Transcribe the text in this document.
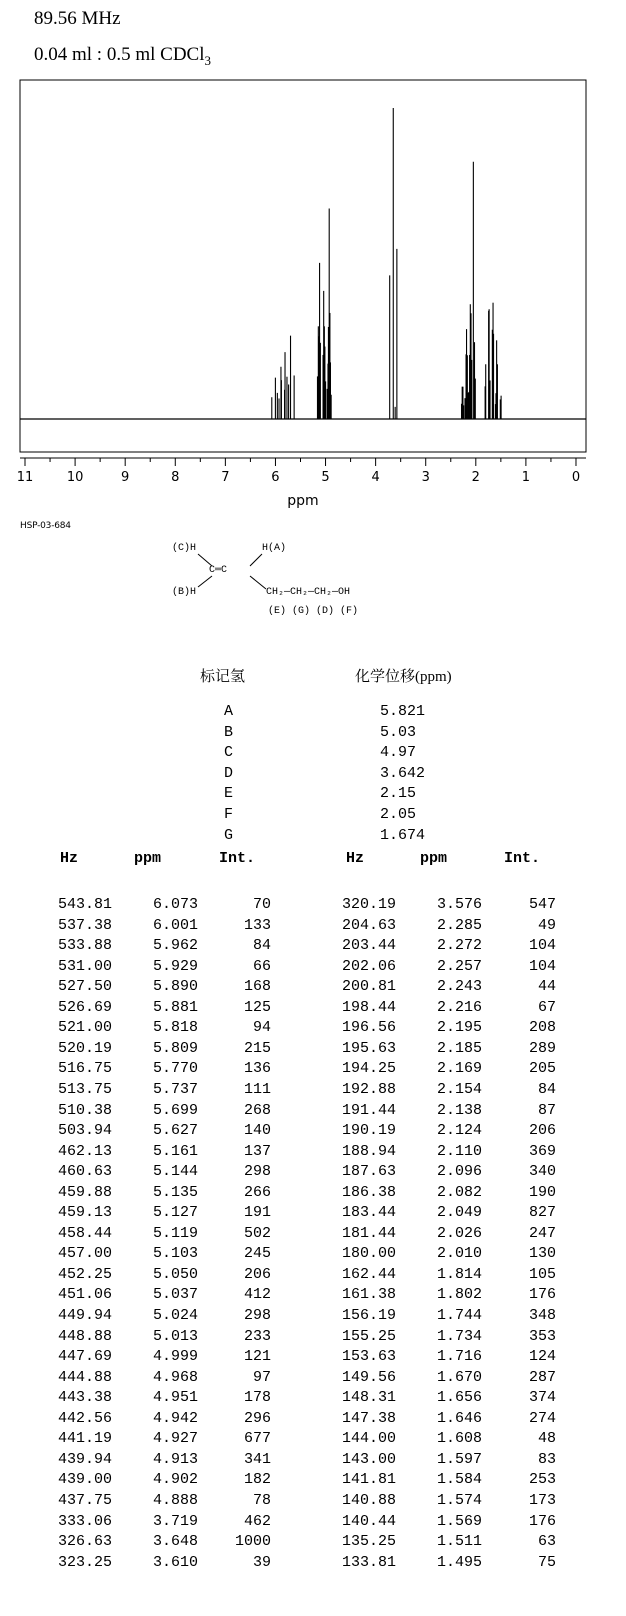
89.56 MHz
0.04 ml : 0.5 ml CDCl$_3$
11	10	9	8	7	6	5	4	3	2	1	0
ppm
HSP-03-684
(C)H	H(A)
C═C
(B)H	CH₂—CH₂—CH₂—OH
(E) (G) (D) (F)
标记氢	化学位移(ppm)
A	5.821
B	5.03
C	4.97
D	3.642
E	2.15
F	2.05
G	1.674
Hz	ppm	Int.	Hz	ppm	Int.
543.81	6.073	70	320.19	3.576	547
537.38	6.001	133	204.63	2.285	49
533.88	5.962	84	203.44	2.272	104
531.00	5.929	66	202.06	2.257	104
527.50	5.890	168	200.81	2.243	44
526.69	5.881	125	198.44	2.216	67
521.00	5.818	94	196.56	2.195	208
520.19	5.809	215	195.63	2.185	289
516.75	5.770	136	194.25	2.169	205
513.75	5.737	111	192.88	2.154	84
510.38	5.699	268	191.44	2.138	87
503.94	5.627	140	190.19	2.124	206
462.13	5.161	137	188.94	2.110	369
460.63	5.144	298	187.63	2.096	340
459.88	5.135	266	186.38	2.082	190
459.13	5.127	191	183.44	2.049	827
458.44	5.119	502	181.44	2.026	247
457.00	5.103	245	180.00	2.010	130
452.25	5.050	206	162.44	1.814	105
451.06	5.037	412	161.38	1.802	176
449.94	5.024	298	156.19	1.744	348
448.88	5.013	233	155.25	1.734	353
447.69	4.999	121	153.63	1.716	124
444.88	4.968	97	149.56	1.670	287
443.38	4.951	178	148.31	1.656	374
442.56	4.942	296	147.38	1.646	274
441.19	4.927	677	144.00	1.608	48
439.94	4.913	341	143.00	1.597	83
439.00	4.902	182	141.81	1.584	253
437.75	4.888	78	140.88	1.574	173
333.06	3.719	462	140.44	1.569	176
326.63	3.648 1000	135.25	1.511	63
323.25	3.610	39	133.81	1.495	75
